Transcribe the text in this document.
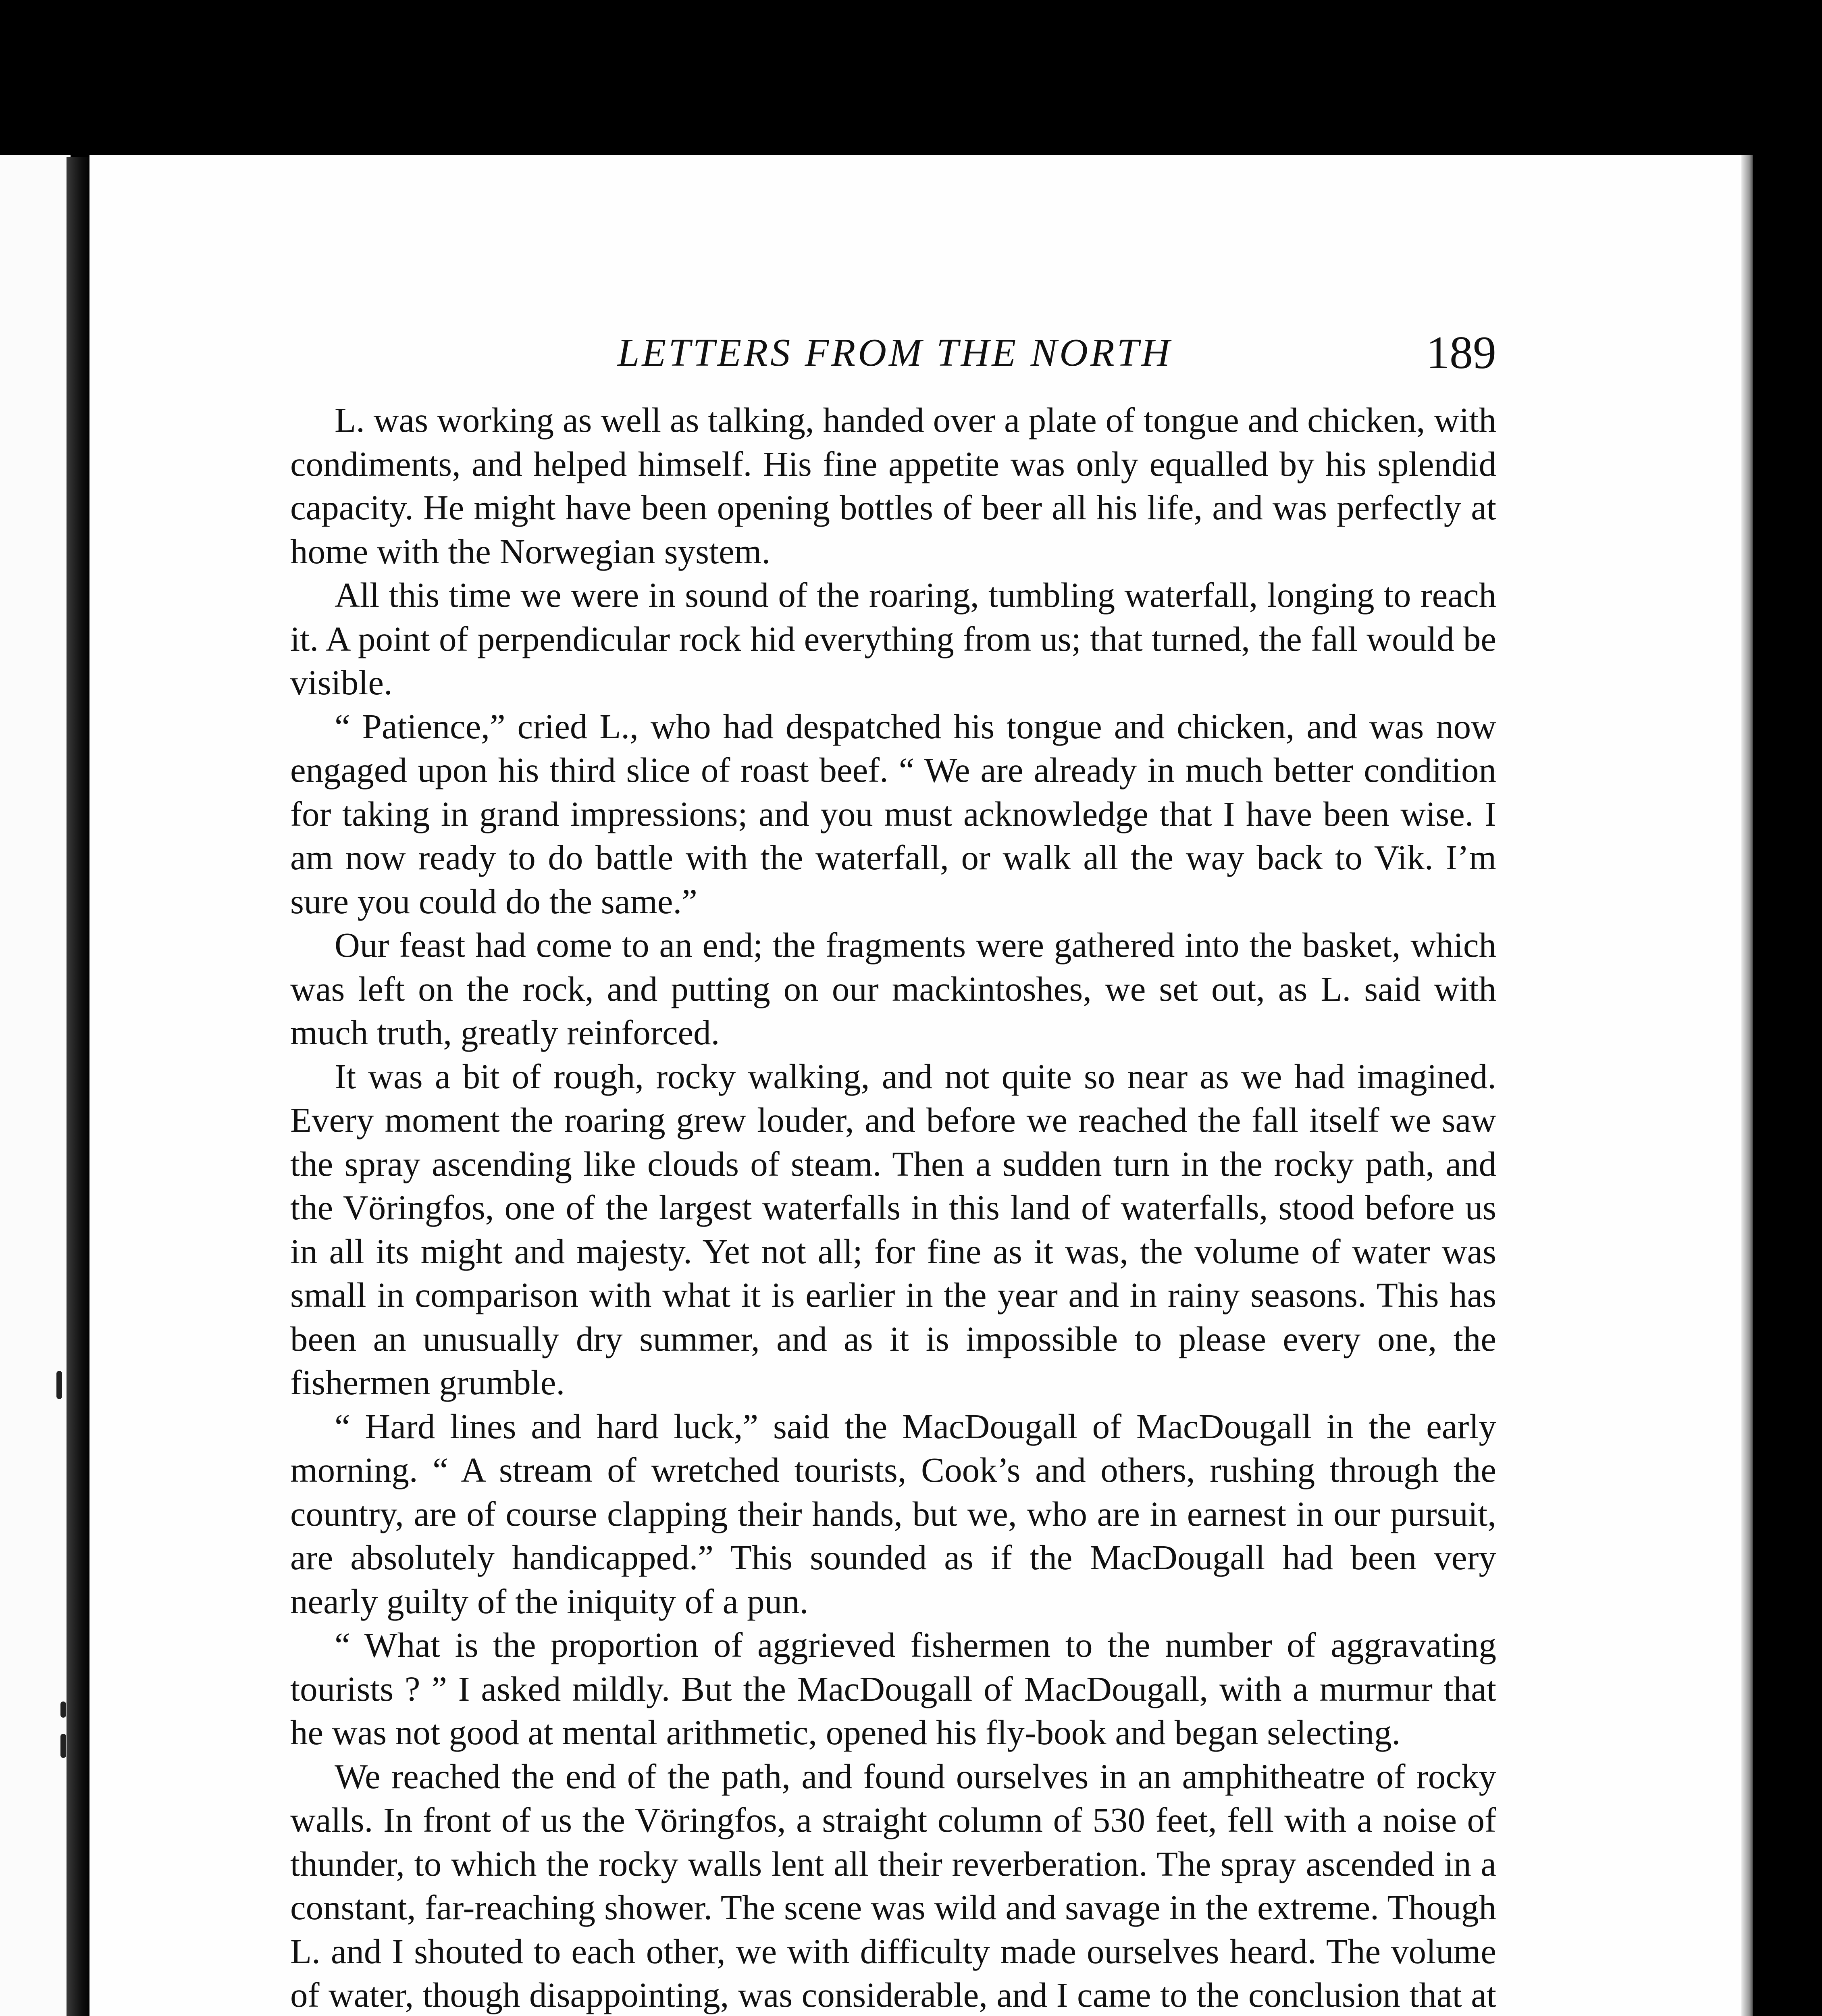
LETTERS FROM THE NORTH	189

L. was working as well as talking, handed over a plate of tongue and chicken, with condiments, and helped himself. His fine appetite was only equalled by his splendid capacity. He might have been opening bottles of beer all his life, and was perfectly at home with the Norwegian system.

All this time we were in sound of the roaring, tumbling waterfall, longing to reach it. A point of perpendicular rock hid everything from us; that turned, the fall would be visible.

“ Patience,” cried L., who had despatched his tongue and chicken, and was now engaged upon his third slice of roast beef. “ We are already in much better condition for taking in grand impressions; and you must acknowledge that I have been wise. I am now ready to do battle with the waterfall, or walk all the way back to Vik. I’m sure you could do the same.”

Our feast had come to an end; the fragments were gathered into the basket, which was left on the rock, and putting on our mackintoshes, we set out, as L. said with much truth, greatly reinforced.

It was a bit of rough, rocky walking, and not quite so near as we had imagined. Every moment the roaring grew louder, and before we reached the fall itself we saw the spray ascending like clouds of steam. Then a sudden turn in the rocky path, and the Vöringfos, one of the largest waterfalls in this land of waterfalls, stood before us in all its might and majesty. Yet not all; for fine as it was, the volume of water was small in comparison with what it is earlier in the year and in rainy seasons. This has been an unusually dry summer, and as it is impossible to please every one, the fishermen grumble.

“ Hard lines and hard luck,” said the MacDougall of MacDougall in the early morning. “ A stream of wretched tourists, Cook’s and others, rushing through the country, are of course clapping their hands, but we, who are in earnest in our pursuit, are absolutely handicapped.” This sounded as if the MacDougall had been very nearly guilty of the iniquity of a pun.

“ What is the proportion of aggrieved fishermen to the number of aggravating tourists ? ” I asked mildly. But the MacDougall of MacDougall, with a murmur that he was not good at mental arithmetic, opened his fly-book and began selecting.

We reached the end of the path, and found ourselves in an amphitheatre of rocky walls. In front of us the Vöringfos, a straight column of 530 feet, fell with a noise of thunder, to which the rocky walls lent all their reverberation. The spray ascended in a constant, far-reaching shower. The scene was wild and savage in the extreme. Though L. and I shouted to each other, we with difficulty made ourselves heard. The volume of water, though disappointing, was considerable, and I came to the conclusion that at
